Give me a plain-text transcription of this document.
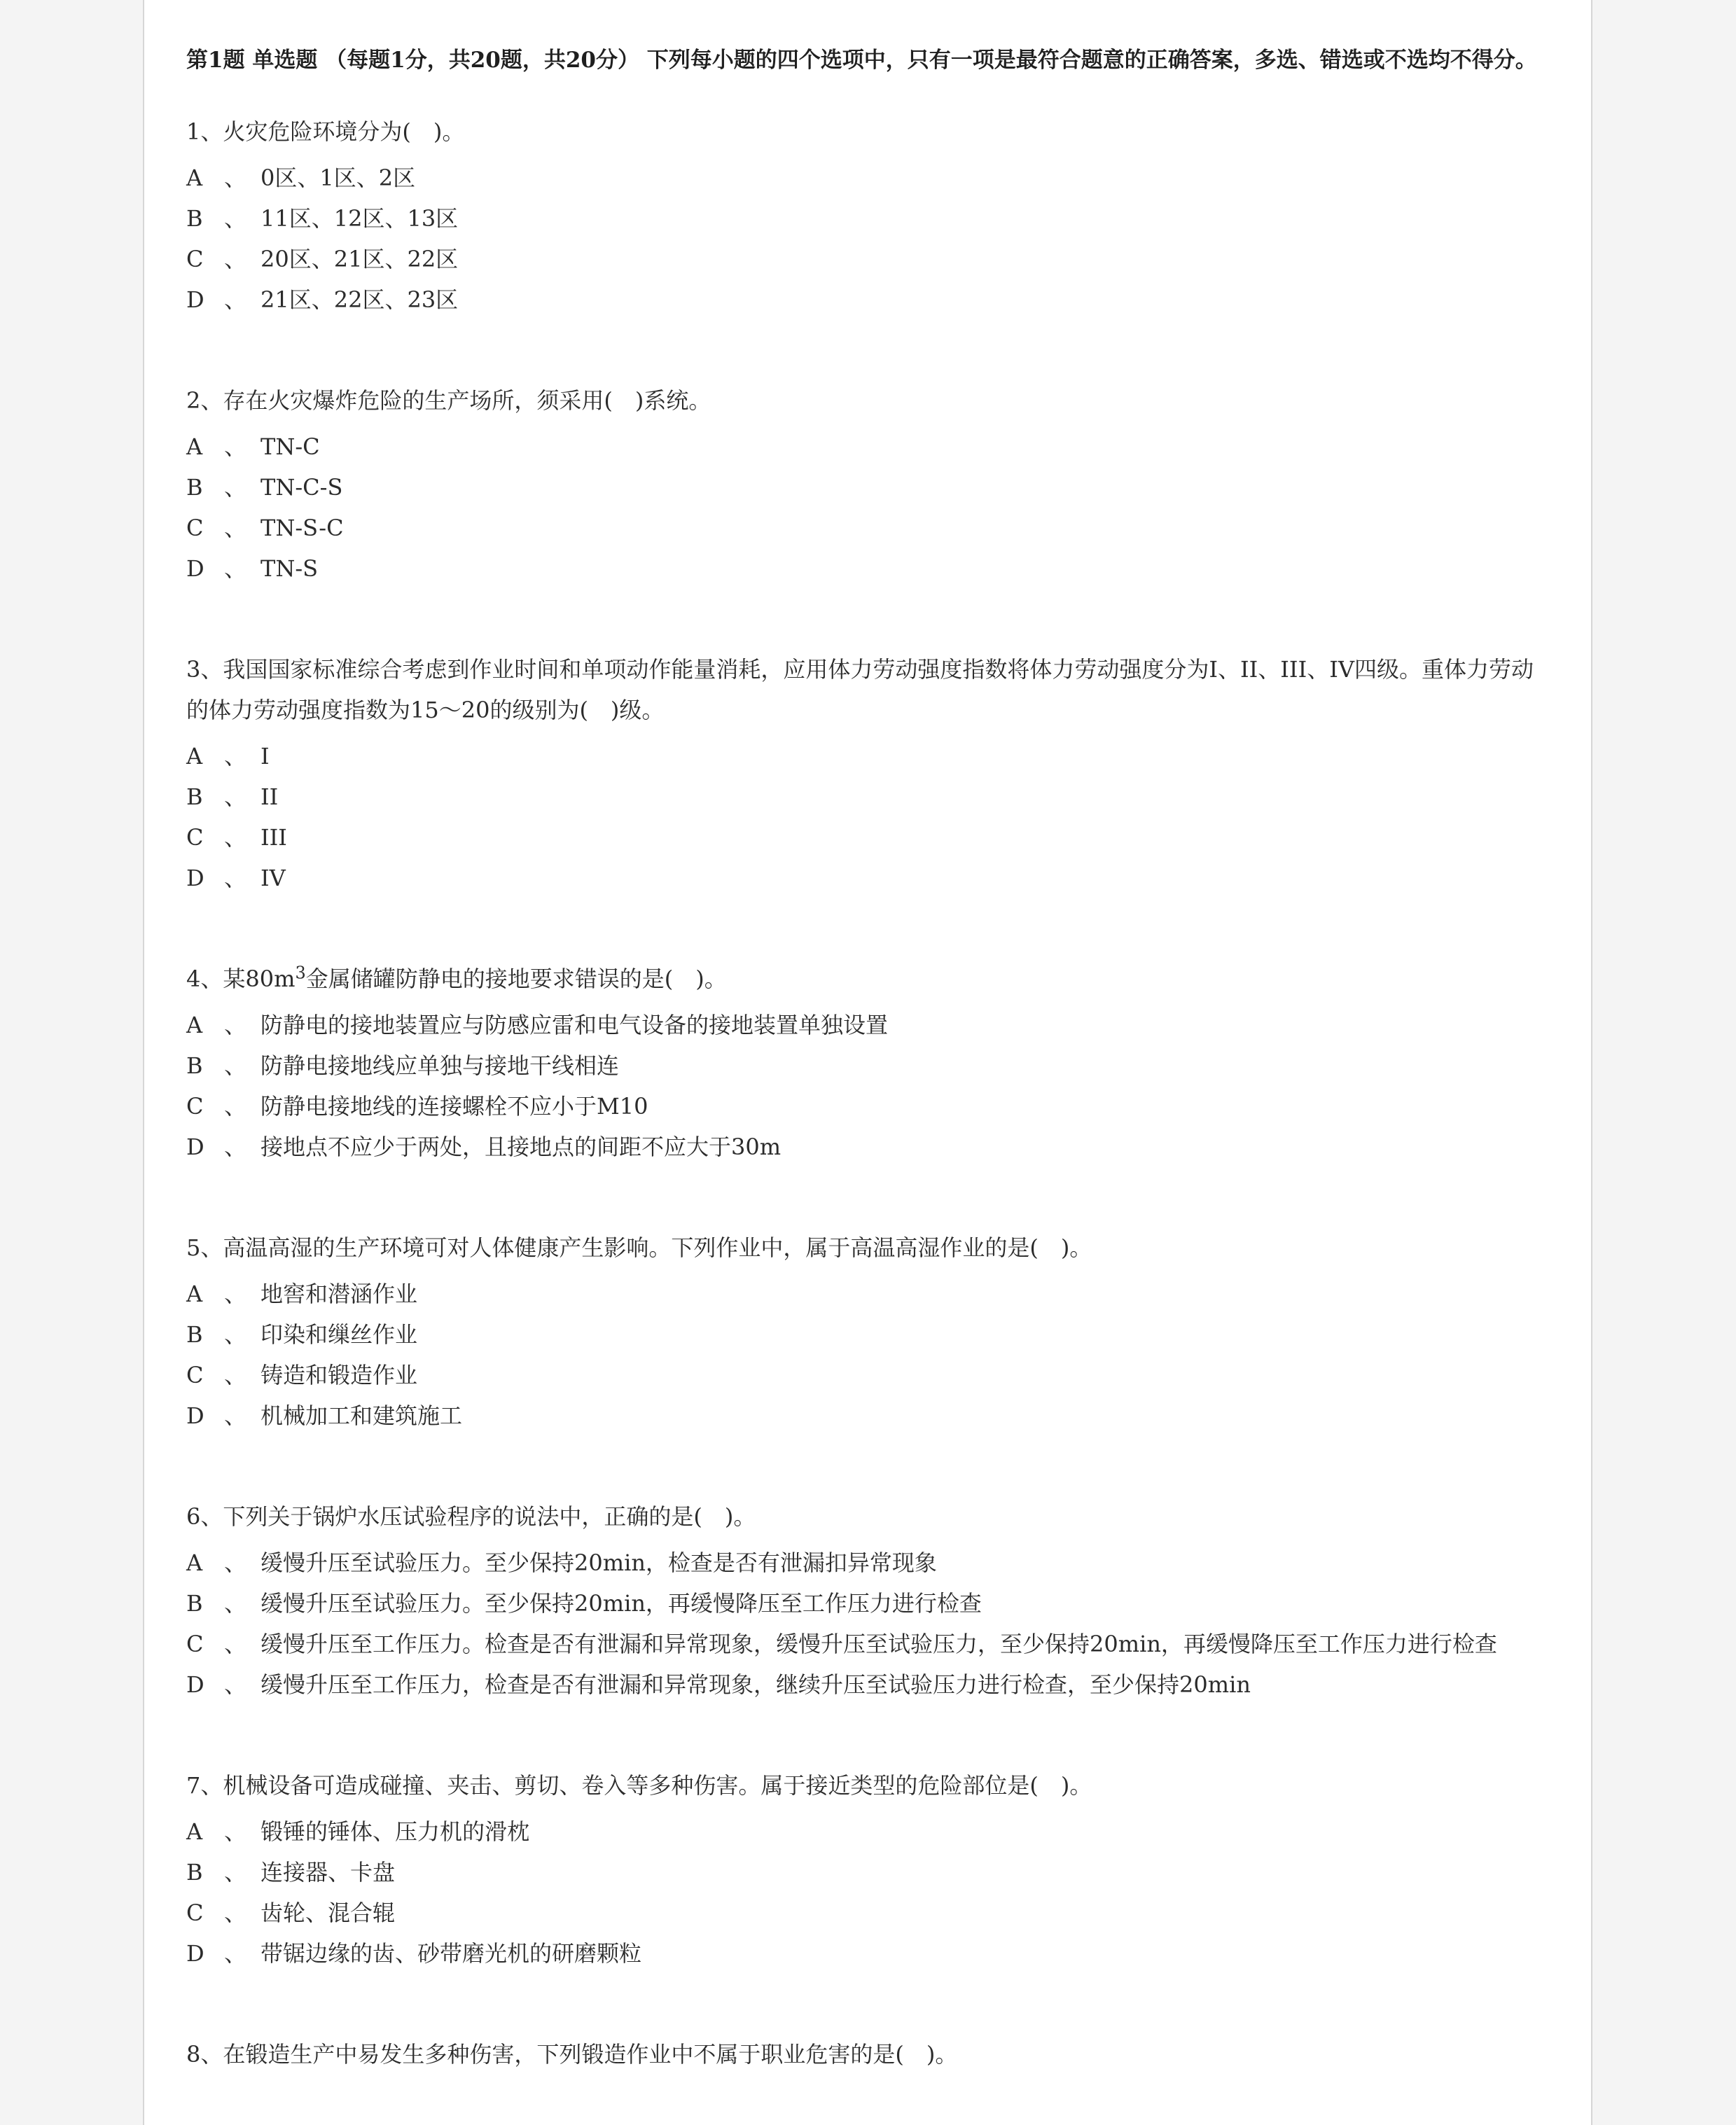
第1题 单选题 （每题1分，共20题，共20分） 下列每小题的四个选项中，只有一项是最符合题意的正确答案，多选、错选或不选均不得分。
1、火灾危险环境分为(　)。
A 、 0区、1区、2区
B 、 11区、12区、13区
C 、 20区、21区、22区
D 、 21区、22区、23区
2、存在火灾爆炸危险的生产场所，须采用(　)系统。
A 、 TN-C
B 、 TN-C-S
C 、 TN-S-C
D 、 TN-S
3、我国国家标准综合考虑到作业时间和单项动作能量消耗，应用体力劳动强度指数将体力劳动强度分为I、II、III、IV四级。重体力劳动的体力劳动强度指数为15～20的级别为(　)级。
A 、 I
B 、 II
C 、 III
D 、 IV
4、某$80m^3$金属储罐防静电的接地要求错误的是(　)。
A 、 防静电的接地装置应与防感应雷和电气设备的接地装置单独设置
B 、 防静电接地线应单独与接地干线相连
C 、 防静电接地线的连接螺栓不应小于M10
D 、 接地点不应少于两处，且接地点的间距不应大于30m
5、高温高湿的生产环境可对人体健康产生影响。下列作业中，属于高温高湿作业的是(　)。
A 、 地窖和潜涵作业
B 、 印染和缫丝作业
C 、 铸造和锻造作业
D 、 机械加工和建筑施工
6、下列关于锅炉水压试验程序的说法中，正确的是(　)。
A 、 缓慢升压至试验压力。至少保持20min，检查是否有泄漏扣异常现象
B 、 缓慢升压至试验压力。至少保持20min，再缓慢降压至工作压力进行检查
C 、 缓慢升压至工作压力。检查是否有泄漏和异常现象，缓慢升压至试验压力，至少保持20min，再缓慢降压至工作压力进行检查
D 、 缓慢升压至工作压力，检查是否有泄漏和异常现象，继续升压至试验压力进行检查，至少保持20min
7、机械设备可造成碰撞、夹击、剪切、卷入等多种伤害。属于接近类型的危险部位是(　)。
A 、 锻锤的锤体、压力机的滑枕
B 、 连接器、卡盘
C 、 齿轮、混合辊
D 、 带锯边缘的齿、砂带磨光机的研磨颗粒
8、在锻造生产中易发生多种伤害，下列锻造作业中不属于职业危害的是(　)。
